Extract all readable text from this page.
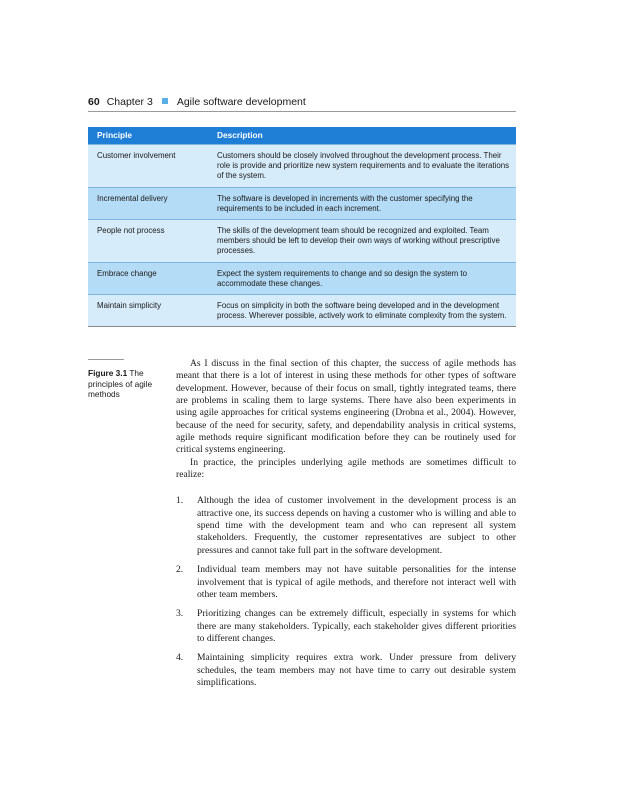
60 Chapter 3 Agile software development
Principle	Description
Customer involvement	Customers should be closely involved throughout the development process. Their role is provide and prioritize new system requirements and to evaluate the iterations of the system.
Incremental delivery	The software is developed in increments with the customer specifying the requirements to be included in each increment.
People not process	The skills of the development team should be recognized and exploited. Team members should be left to develop their own ways of working without prescriptive processes.
Embrace change	Expect the system requirements to change and so design the system to accommodate these changes.
Maintain simplicity	Focus on simplicity in both the software being developed and in the development process. Wherever possible, actively work to eliminate complexity from the system.
Figure 3.1 The principles of agile methods

As I discuss in the final section of this chapter, the success of agile methods has meant that there is a lot of interest in using these methods for other types of software development. However, because of their focus on small, tightly integrated teams, there are problems in scaling them to large systems. There have also been experiments in using agile approaches for critical systems engineering (Drobna et al., 2004). However, because of the need for security, safety, and dependability analysis in critical systems, agile methods require significant modification before they can be routinely used for critical systems engineering.

In practice, the principles underlying agile methods are sometimes difficult to realize:

1.	Although the idea of customer involvement in the development process is an attractive one, its success depends on having a customer who is willing and able to spend time with the development team and who can represent all system stakeholders. Frequently, the customer representatives are subject to other pressures and cannot take full part in the software development.
2.	Individual team members may not have suitable personalities for the intense involvement that is typical of agile methods, and therefore not interact well with other team members.
3.	Prioritizing changes can be extremely difficult, especially in systems for which there are many stakeholders. Typically, each stakeholder gives different priorities to different changes.
4.	Maintaining simplicity requires extra work. Under pressure from delivery schedules, the team members may not have time to carry out desirable system simplifications.
